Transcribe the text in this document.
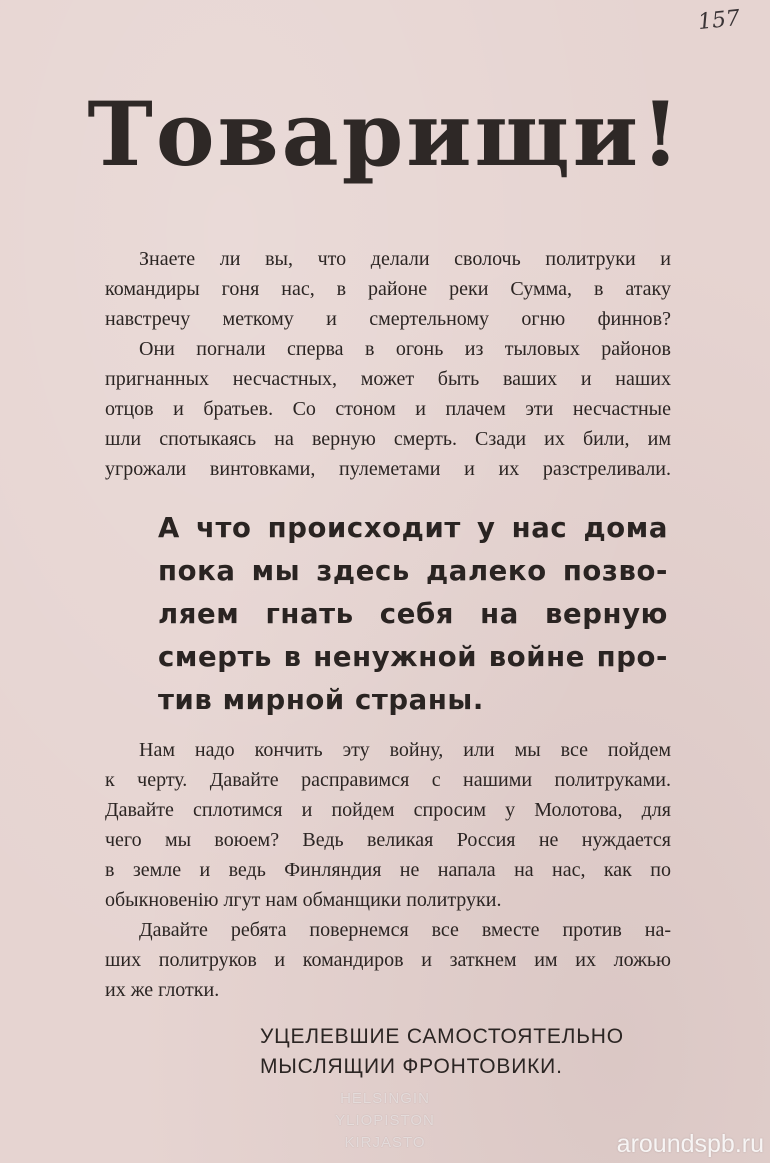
157
Товарищи!

Знаете ли вы, что делали сволочь политруки и
командиры гоня нас, в районе реки Сумма, в атаку
навстречу меткому и смертельному огню финнов?

Они погнали сперва в огонь из тыловых районов
пригнанных несчастных, может быть ваших и наших
отцов и братьев. Со стоном и плачем эти несчастные
шли спотыкаясь на верную смерть. Сзади их били, им
угрожали винтовками, пулеметами и их разстреливали.

А что происходит у нас дома
пока мы здесь далеко позво-
ляем гнать себя на верную
смерть в ненужной войне про-
тив мирной страны.

Нам надо кончить эту войну, или мы все пойдем
к черту. Давайте расправимся с нашими политруками.
Давайте сплотимся и пойдем спросим у Молотова, для
чего мы воюем? Ведь великая Россия не нуждается
в земле и ведь Финляндия не напала на нас, как по
обыкновенiю лгут нам обманщики политруки.

Давайте ребята повернемся все вместе против на-
ших политруков и командиров и заткнем им их ложью
их же глотки.

УЦЕЛЕВШИЕ САМОСТОЯТЕЛЬНО
МЫСЛЯЩИИ ФРОНТОВИКИ.

HELSINGIN
YLIOPISTON
KIRJASTO	aroundspb.ru
